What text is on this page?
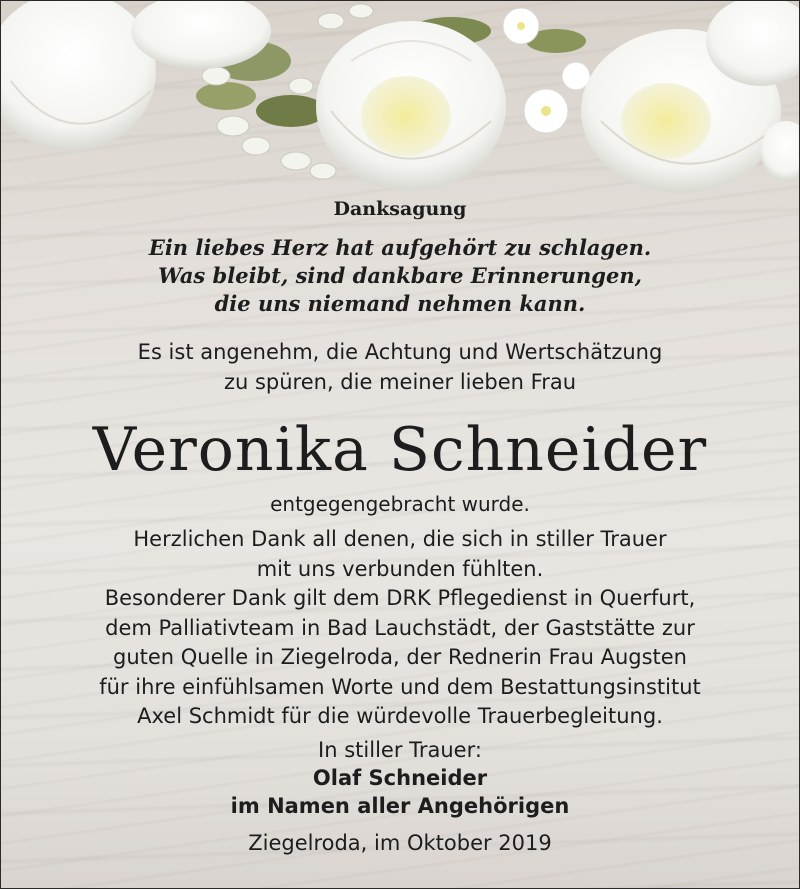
Danksagung
Ein liebes Herz hat aufgehört zu schlagen.
Was bleibt, sind dankbare Erinnerungen,
die uns niemand nehmen kann.
Es ist angenehm, die Achtung und Wertschätzung
zu spüren, die meiner lieben Frau
Veronika Schneider
entgegengebracht wurde.
Herzlichen Dank all denen, die sich in stiller Trauer
mit uns verbunden fühlten.
Besonderer Dank gilt dem DRK Pflegedienst in Querfurt,
dem Palliativteam in Bad Lauchstädt, der Gaststätte zur
guten Quelle in Ziegelroda, der Rednerin Frau Augsten
für ihre einfühlsamen Worte und dem Bestattungsinstitut
Axel Schmidt für die würdevolle Trauerbegleitung.
In stiller Trauer:
Olaf Schneider
im Namen aller Angehörigen
Ziegelroda, im Oktober 2019
